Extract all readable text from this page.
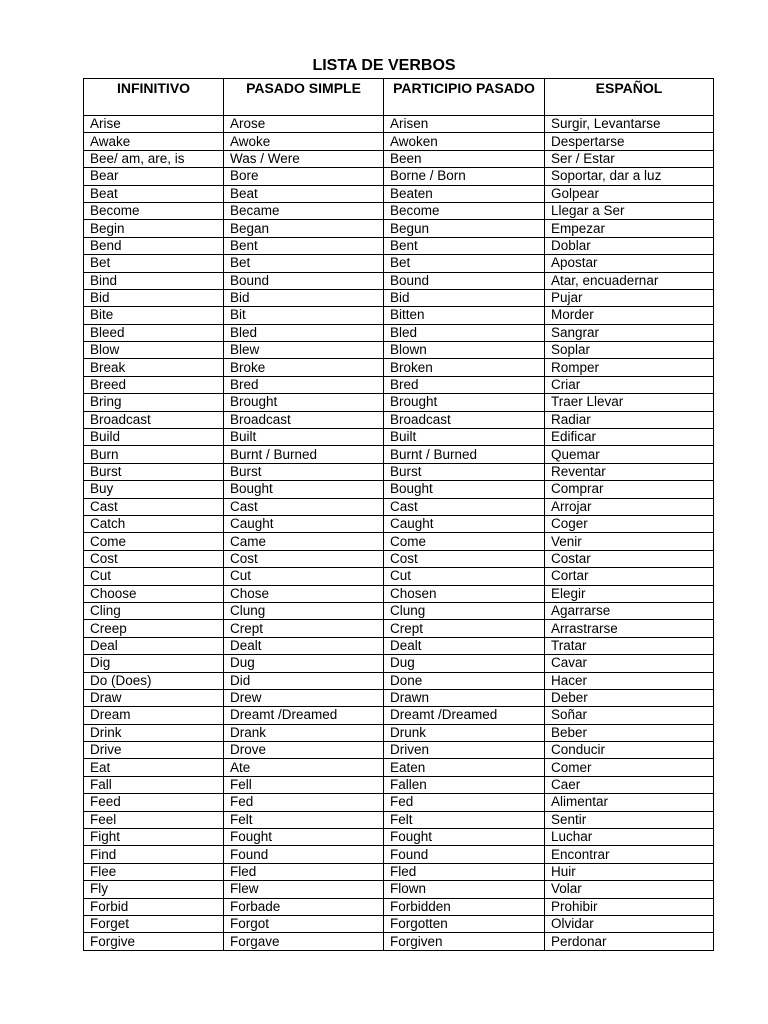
LISTA DE VERBOS
INFINITIVO	PASADO SIMPLE	PARTICIPIO PASADO	ESPAÑOL
Arise	Arose	Arisen	Surgir, Levantarse
Awake	Awoke	Awoken	Despertarse
Bee/ am, are, is	Was / Were	Been	Ser / Estar
Bear	Bore	Borne / Born	Soportar, dar a luz
Beat	Beat	Beaten	Golpear
Become	Became	Become	Llegar a Ser
Begin	Began	Begun	Empezar
Bend	Bent	Bent	Doblar
Bet	Bet	Bet	Apostar
Bind	Bound	Bound	Atar, encuadernar
Bid	Bid	Bid	Pujar
Bite	Bit	Bitten	Morder
Bleed	Bled	Bled	Sangrar
Blow	Blew	Blown	Soplar
Break	Broke	Broken	Romper
Breed	Bred	Bred	Criar
Bring	Brought	Brought	Traer Llevar
Broadcast	Broadcast	Broadcast	Radiar
Build	Built	Built	Edificar
Burn	Burnt / Burned	Burnt / Burned	Quemar
Burst	Burst	Burst	Reventar
Buy	Bought	Bought	Comprar
Cast	Cast	Cast	Arrojar
Catch	Caught	Caught	Coger
Come	Came	Come	Venir
Cost	Cost	Cost	Costar
Cut	Cut	Cut	Cortar
Choose	Chose	Chosen	Elegir
Cling	Clung	Clung	Agarrarse
Creep	Crept	Crept	Arrastrarse
Deal	Dealt	Dealt	Tratar
Dig	Dug	Dug	Cavar
Do (Does)	Did	Done	Hacer
Draw	Drew	Drawn	Deber
Dream	Dreamt /Dreamed	Dreamt /Dreamed	Soñar
Drink	Drank	Drunk	Beber
Drive	Drove	Driven	Conducir
Eat	Ate	Eaten	Comer
Fall	Fell	Fallen	Caer
Feed	Fed	Fed	Alimentar
Feel	Felt	Felt	Sentir
Fight	Fought	Fought	Luchar
Find	Found	Found	Encontrar
Flee	Fled	Fled	Huir
Fly	Flew	Flown	Volar
Forbid	Forbade	Forbidden	Prohibir
Forget	Forgot	Forgotten	Olvidar
Forgive	Forgave	Forgiven	Perdonar
